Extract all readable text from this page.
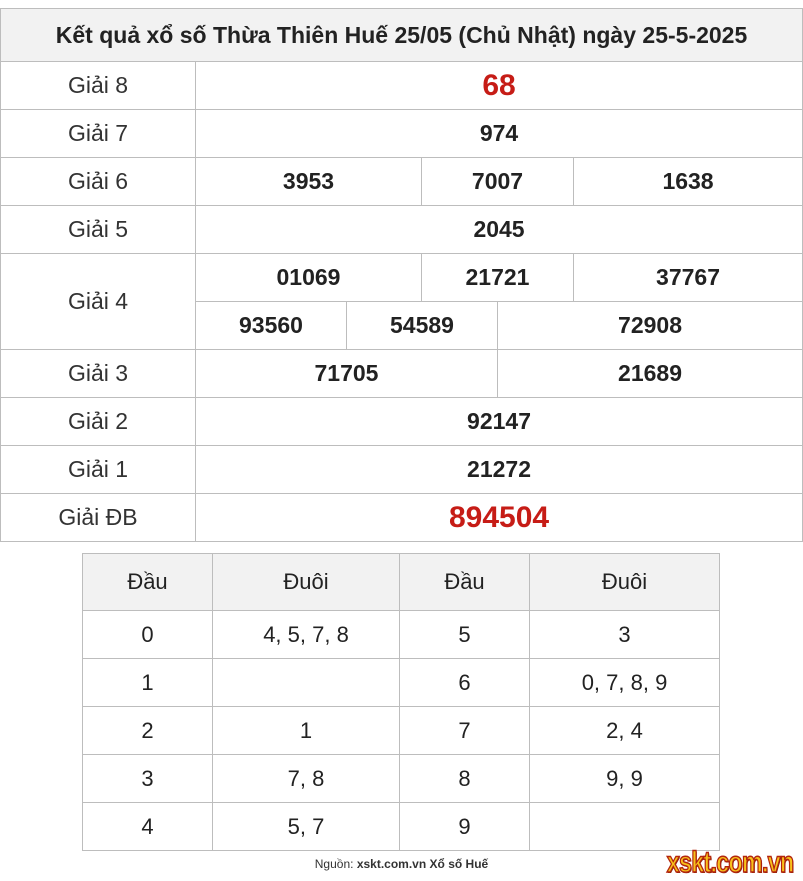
Kết quả xổ số Thừa Thiên Huế 25/05 (Chủ Nhật) ngày 25-5-2025					
Giải 8	68				
Giải 7	974				
Giải 6	3953		7007		1638
Giải 5	2045				
Giải 4	01069		21721		37767
	93560	54589		72908
Giải 3	71705			21689	
Giải 2	92147				
Giải 1	21272				
Giải ĐB	894504				
Đầu	Đuôi	Đầu	Đuôi
0	4, 5, 7, 8	5	3
1		6	0, 7, 8, 9
2	1	7	2, 4
3	7, 8	8	9, 9
4	5, 7	9	
Nguồn: xskt.com.vn Xổ số Huế	xskt.com.vn
